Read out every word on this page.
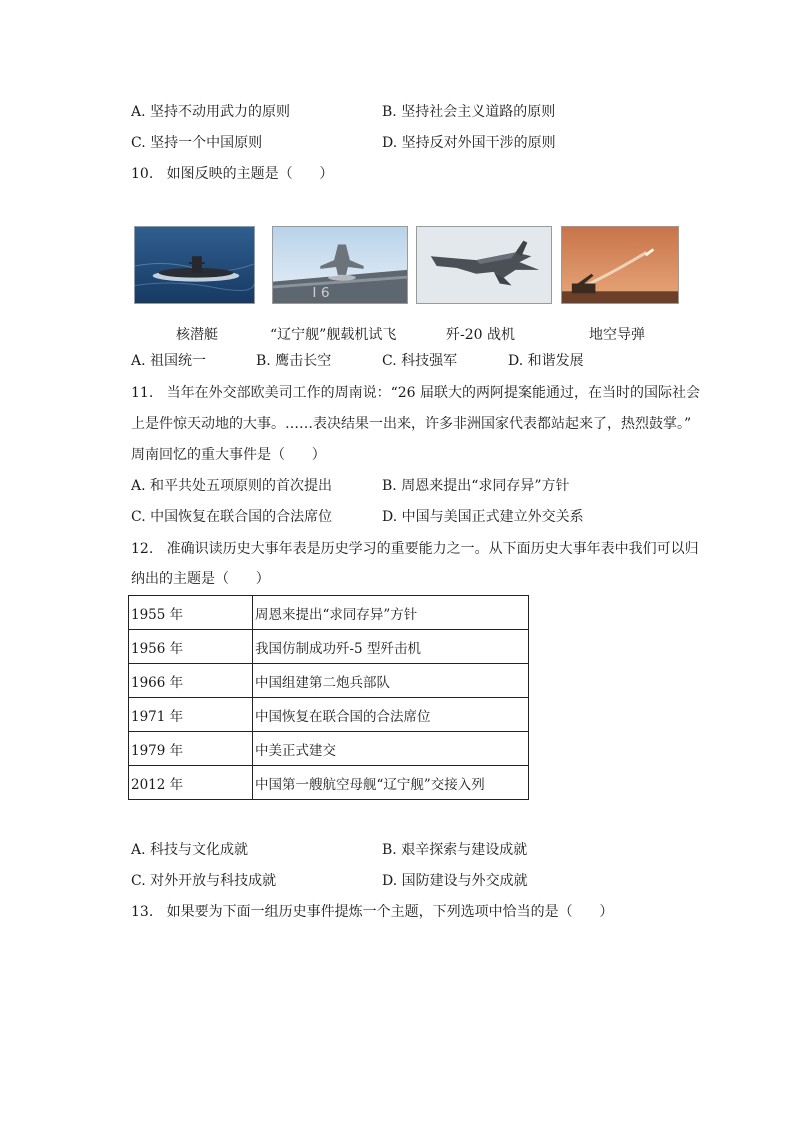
A. 坚持不动用武力的原则	B. 坚持社会主义道路的原则
C. 坚持一个中国原则	D. 坚持反对外国干涉的原则
10.   如图反映的主题是（      ）
I 6
核潜艇	“辽宁舰”舰载机试飞	歼-20 战机	地空导弹
A. 祖国统一	B. 鹰击长空	C. 科技强军	D. 和谐发展
11.   当年在外交部欧美司工作的周南说：“26 届联大的两阿提案能通过，在当时的国际社会
上是件惊天动地的大事。……表决结果一出来，许多非洲国家代表都站起来了，热烈鼓掌。”
周南回忆的重大事件是（      ）
A. 和平共处五项原则的首次提出	B. 周恩来提出“求同存异”方针
C. 中国恢复在联合国的合法席位	D. 中国与美国正式建立外交关系
12.   准确识读历史大事年表是历史学习的重要能力之一。从下面历史大事年表中我们可以归
纳出的主题是（      ）
1955 年	周恩来提出“求同存异”方针
1956 年	我国仿制成功歼-5 型歼击机
1966 年	中国组建第二炮兵部队
1971 年	中国恢复在联合国的合法席位
1979 年	中美正式建交
2012 年	中国第一艘航空母舰“辽宁舰”交接入列
A. 科技与文化成就	B. 艰辛探索与建设成就
C. 对外开放与科技成就	D. 国防建设与外交成就
13.   如果要为下面一组历史事件提炼一个主题，下列选项中恰当的是（      ）
